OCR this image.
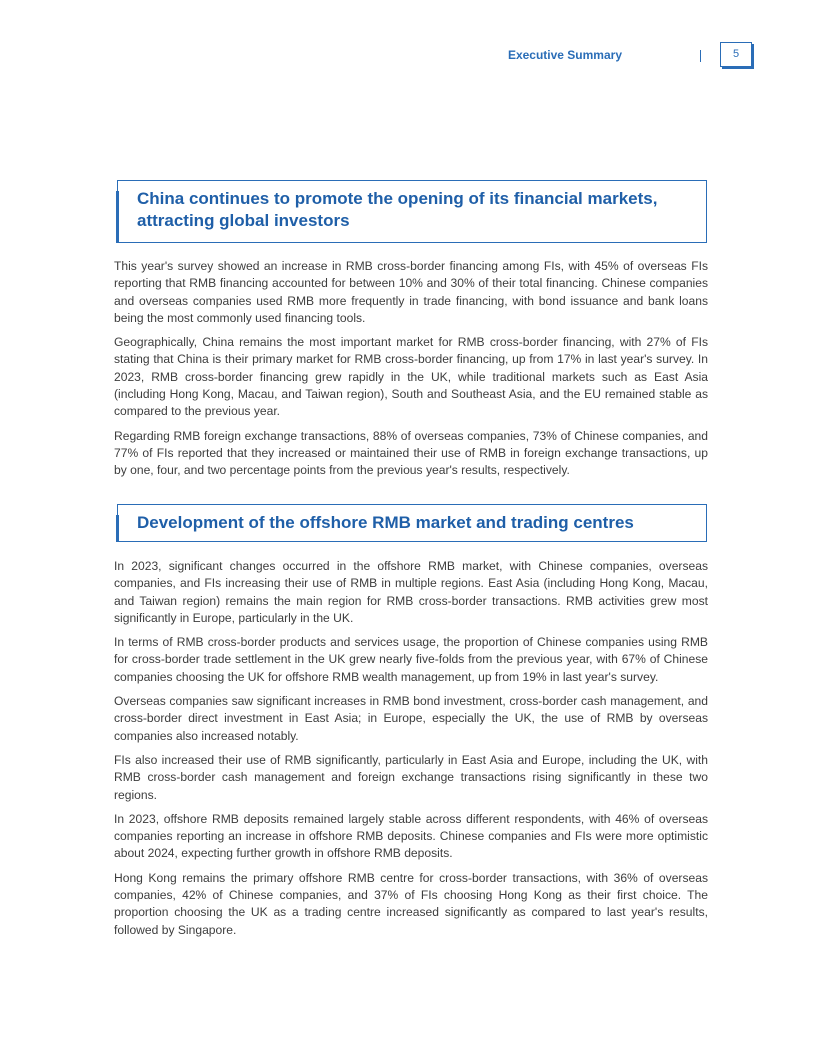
Executive Summary	5
China continues to promote the opening of its financial markets, attracting global investors

This year's survey showed an increase in RMB cross-border financing among FIs, with 45% of overseas FIs reporting that RMB financing accounted for between 10% and 30% of their total financing. Chinese companies and overseas companies used RMB more frequently in trade financing, with bond issuance and bank loans being the most commonly used financing tools.

Geographically, China remains the most important market for RMB cross-border financing, with 27% of FIs stating that China is their primary market for RMB cross-border financing, up from 17% in last year's survey. In 2023, RMB cross-border financing grew rapidly in the UK, while traditional markets such as East Asia (including Hong Kong, Macau, and Taiwan region), South and Southeast Asia, and the EU remained stable as compared to the previous year.

Regarding RMB foreign exchange transactions, 88% of overseas companies, 73% of Chinese companies, and 77% of FIs reported that they increased or maintained their use of RMB in foreign exchange transactions, up by one, four, and two percentage points from the previous year's results, respectively.

Development of the offshore RMB market and trading centres

In 2023, significant changes occurred in the offshore RMB market, with Chinese companies, overseas companies, and FIs increasing their use of RMB in multiple regions. East Asia (including Hong Kong, Macau, and Taiwan region) remains the main region for RMB cross-border transactions. RMB activities grew most significantly in Europe, particularly in the UK.

In terms of RMB cross-border products and services usage, the proportion of Chinese companies using RMB for cross-border trade settlement in the UK grew nearly five-folds from the previous year, with 67% of Chinese companies choosing the UK for offshore RMB wealth management, up from 19% in last year's survey.

Overseas companies saw significant increases in RMB bond investment, cross-border cash management, and cross-border direct investment in East Asia; in Europe, especially the UK, the use of RMB by overseas companies also increased notably.

FIs also increased their use of RMB significantly, particularly in East Asia and Europe, including the UK, with RMB cross-border cash management and foreign exchange transactions rising significantly in these two regions.

In 2023, offshore RMB deposits remained largely stable across different respondents, with 46% of overseas companies reporting an increase in offshore RMB deposits. Chinese companies and FIs were more optimistic about 2024, expecting further growth in offshore RMB deposits.

Hong Kong remains the primary offshore RMB centre for cross-border transactions, with 36% of overseas companies, 42% of Chinese companies, and 37% of FIs choosing Hong Kong as their first choice. The proportion choosing the UK as a trading centre increased significantly as compared to last year's results, followed by Singapore.
